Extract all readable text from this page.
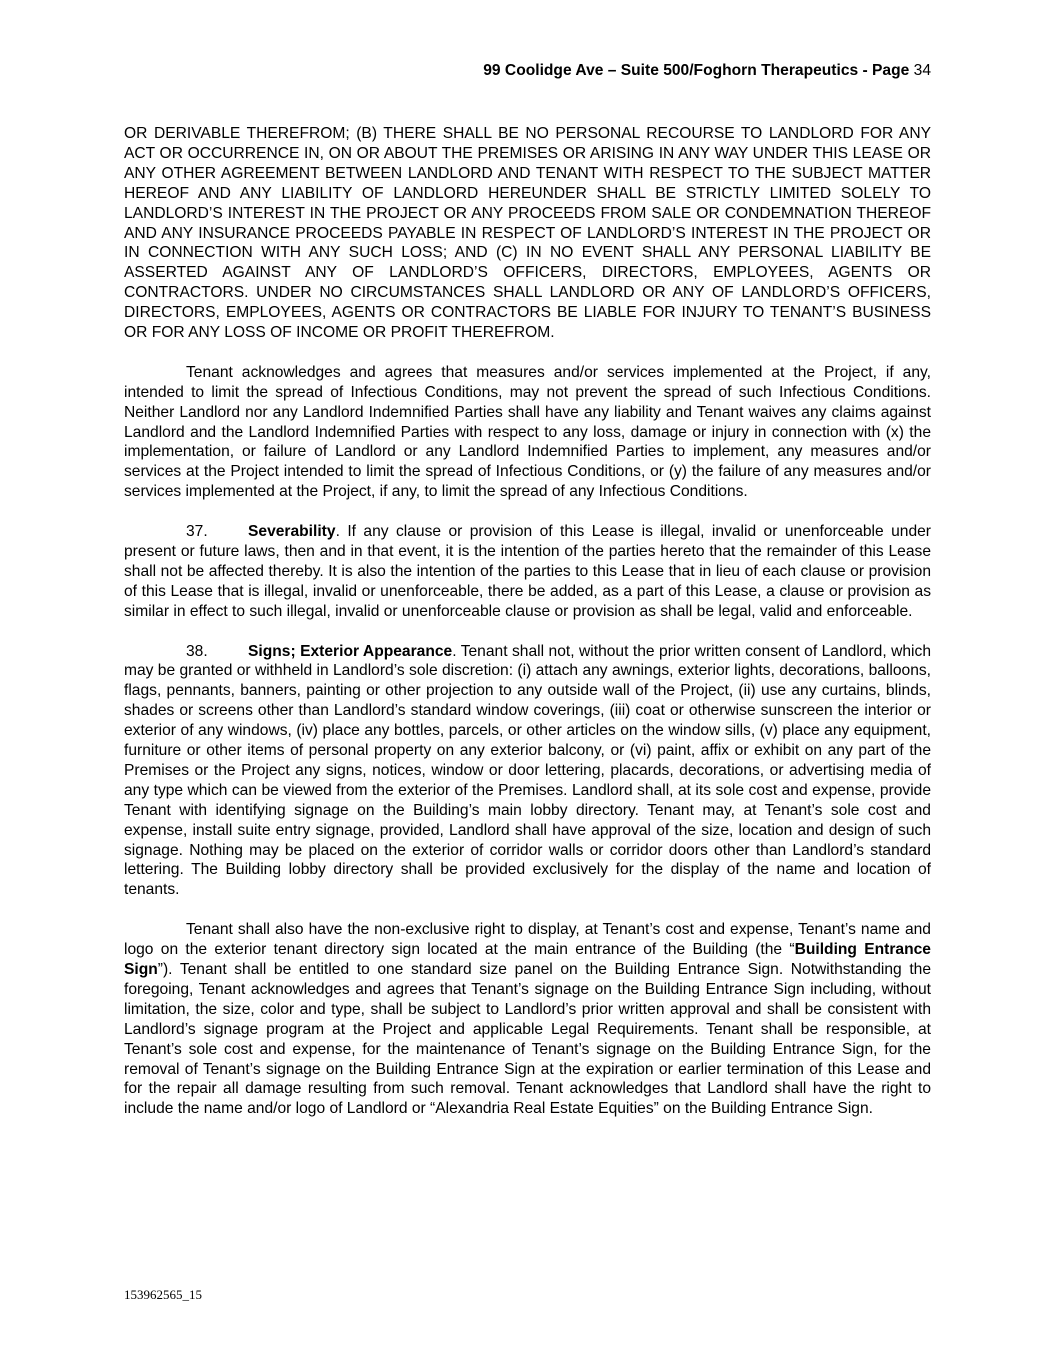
99 Coolidge Ave – Suite 500/Foghorn Therapeutics - Page 34

OR DERIVABLE THEREFROM; (B) THERE SHALL BE NO PERSONAL RECOURSE TO LANDLORD FOR ANY ACT OR OCCURRENCE IN, ON OR ABOUT THE PREMISES OR ARISING IN ANY WAY UNDER THIS LEASE OR ANY OTHER AGREEMENT BETWEEN LANDLORD AND TENANT WITH RESPECT TO THE SUBJECT MATTER HEREOF AND ANY LIABILITY OF LANDLORD HEREUNDER SHALL BE STRICTLY LIMITED SOLELY TO LANDLORD’S INTEREST IN THE PROJECT OR ANY PROCEEDS FROM SALE OR CONDEMNATION THEREOF AND ANY INSURANCE PROCEEDS PAYABLE IN RESPECT OF LANDLORD’S INTEREST IN THE PROJECT OR IN CONNECTION WITH ANY SUCH LOSS; AND (C) IN NO EVENT SHALL ANY PERSONAL LIABILITY BE ASSERTED AGAINST ANY OF LANDLORD’S OFFICERS, DIRECTORS, EMPLOYEES, AGENTS OR CONTRACTORS. UNDER NO CIRCUMSTANCES SHALL LANDLORD OR ANY OF LANDLORD’S OFFICERS, DIRECTORS, EMPLOYEES, AGENTS OR CONTRACTORS BE LIABLE FOR INJURY TO TENANT’S BUSINESS OR FOR ANY LOSS OF INCOME OR PROFIT THEREFROM.

Tenant acknowledges and agrees that measures and/or services implemented at the Project, if any, intended to limit the spread of Infectious Conditions, may not prevent the spread of such Infectious Conditions. Neither Landlord nor any Landlord Indemnified Parties shall have any liability and Tenant waives any claims against Landlord and the Landlord Indemnified Parties with respect to any loss, damage or injury in connection with (x) the implementation, or failure of Landlord or any Landlord Indemnified Parties to implement, any measures and/or services at the Project intended to limit the spread of Infectious Conditions, or (y) the failure of any measures and/or services implemented at the Project, if any, to limit the spread of any Infectious Conditions.

37.	Severability. If any clause or provision of this Lease is illegal, invalid or unenforceable under present or future laws, then and in that event, it is the intention of the parties hereto that the remainder of this Lease shall not be affected thereby. It is also the intention of the parties to this Lease that in lieu of each clause or provision of this Lease that is illegal, invalid or unenforceable, there be added, as a part of this Lease, a clause or provision as similar in effect to such illegal, invalid or unenforceable clause or provision as shall be legal, valid and enforceable.

38.	Signs; Exterior Appearance. Tenant shall not, without the prior written consent of Landlord, which may be granted or withheld in Landlord’s sole discretion: (i) attach any awnings, exterior lights, decorations, balloons, flags, pennants, banners, painting or other projection to any outside wall of the Project, (ii) use any curtains, blinds, shades or screens other than Landlord’s standard window coverings, (iii) coat or otherwise sunscreen the interior or exterior of any windows, (iv) place any bottles, parcels, or other articles on the window sills, (v) place any equipment, furniture or other items of personal property on any exterior balcony, or (vi) paint, affix or exhibit on any part of the Premises or the Project any signs, notices, window or door lettering, placards, decorations, or advertising media of any type which can be viewed from the exterior of the Premises. Landlord shall, at its sole cost and expense, provide Tenant with identifying signage on the Building’s main lobby directory. Tenant may, at Tenant’s sole cost and expense, install suite entry signage, provided, Landlord shall have approval of the size, location and design of such signage. Nothing may be placed on the exterior of corridor walls or corridor doors other than Landlord’s standard lettering. The Building lobby directory shall be provided exclusively for the display of the name and location of tenants.

Tenant shall also have the non-exclusive right to display, at Tenant’s cost and expense, Tenant’s name and logo on the exterior tenant directory sign located at the main entrance of the Building (the “Building Entrance Sign”). Tenant shall be entitled to one standard size panel on the Building Entrance Sign. Notwithstanding the foregoing, Tenant acknowledges and agrees that Tenant’s signage on the Building Entrance Sign including, without limitation, the size, color and type, shall be subject to Landlord’s prior written approval and shall be consistent with Landlord’s signage program at the Project and applicable Legal Requirements. Tenant shall be responsible, at Tenant’s sole cost and expense, for the maintenance of Tenant’s signage on the Building Entrance Sign, for the removal of Tenant’s signage on the Building Entrance Sign at the expiration or earlier termination of this Lease and for the repair all damage resulting from such removal. Tenant acknowledges that Landlord shall have the right to include the name and/or logo of Landlord or “Alexandria Real Estate Equities” on the Building Entrance Sign.

153962565_15
